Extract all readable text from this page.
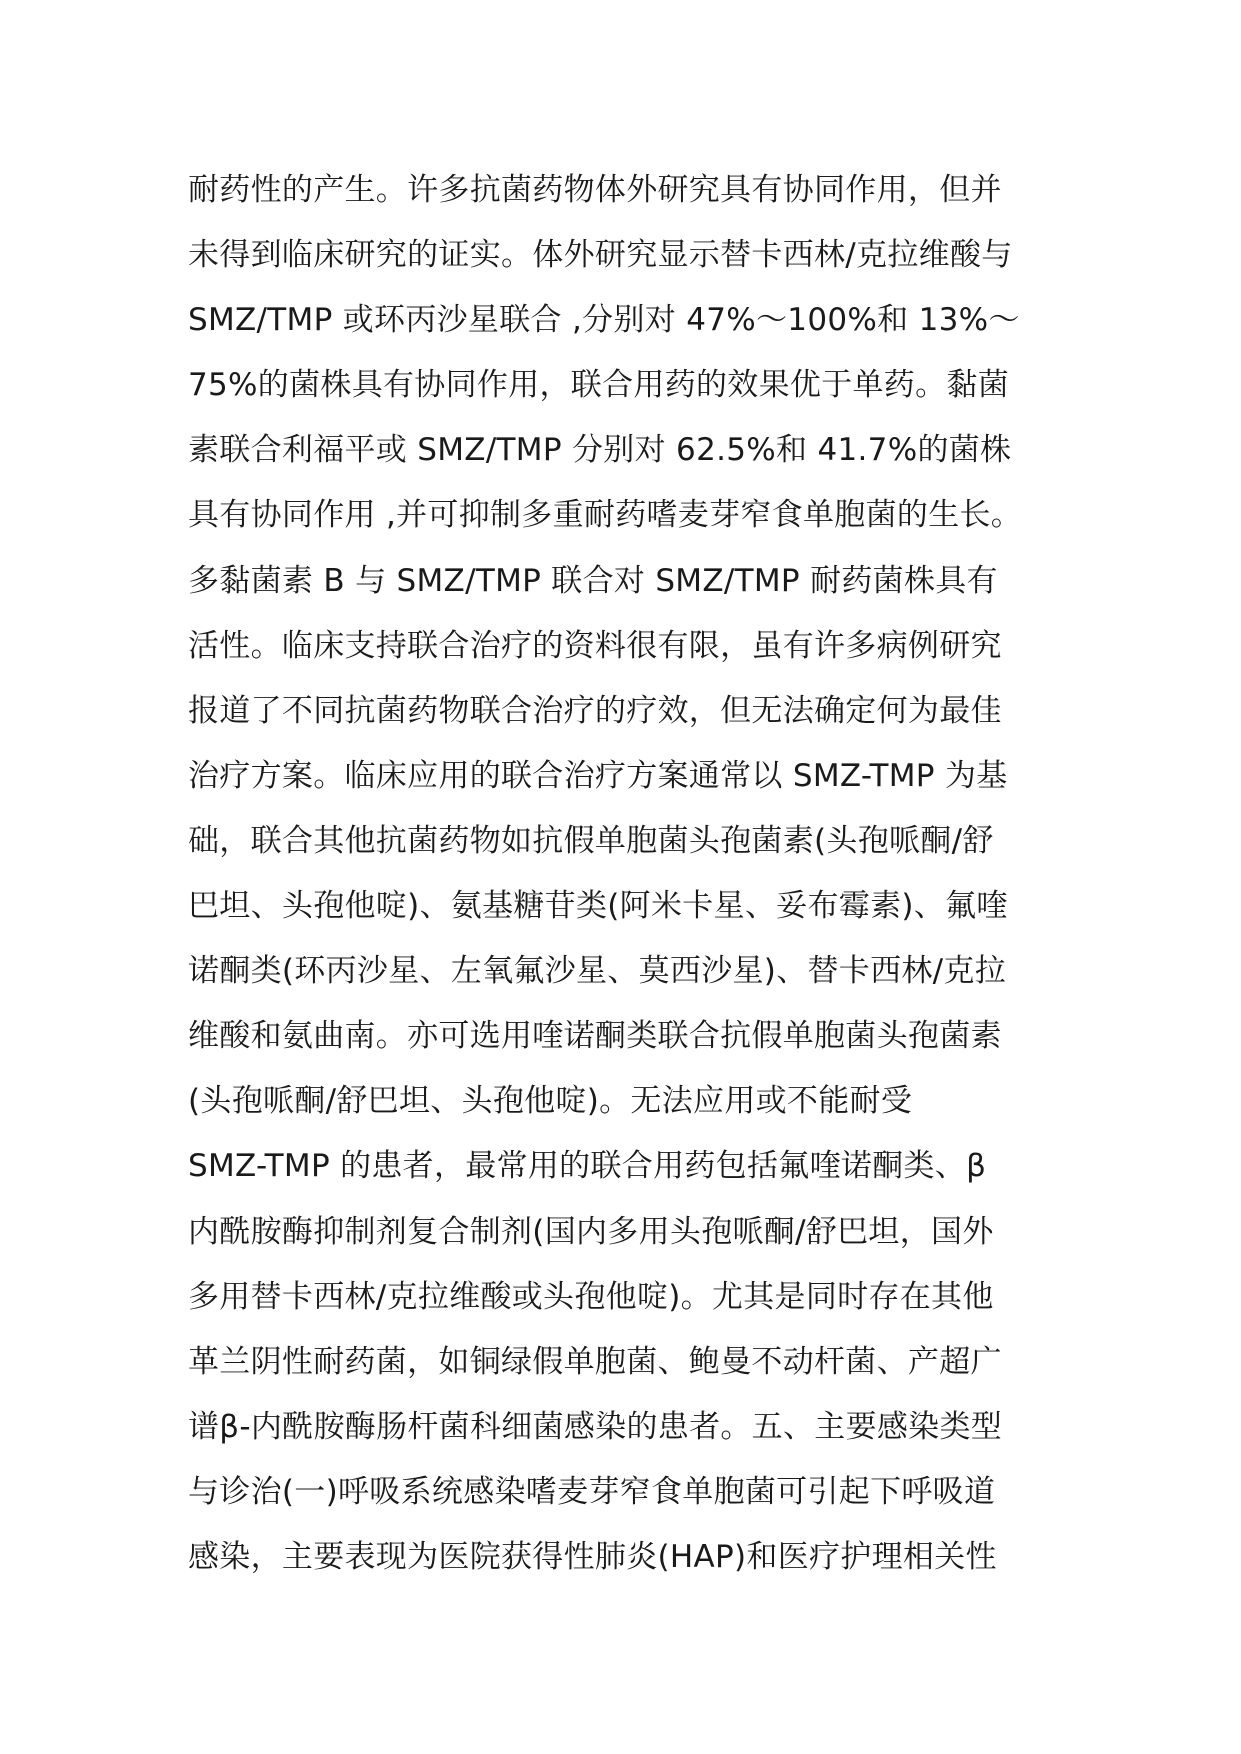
耐药性的产生。许多抗菌药物体外研究具有协同作用，但并
未得到临床研究的证实。体外研究显示替卡西林/克拉维酸与
SMZ/TMP 或环丙沙星联合 ,分别对 47%～100%和 13%～
75%的菌株具有协同作用，联合用药的效果优于单药。黏菌
素联合利福平或 SMZ/TMP 分别对 62.5%和 41.7%的菌株
具有协同作用 ,并可抑制多重耐药嗜麦芽窄食单胞菌的生长。
多黏菌素 B 与 SMZ/TMP 联合对 SMZ/TMP 耐药菌株具有
活性。临床支持联合治疗的资料很有限，虽有许多病例研究
报道了不同抗菌药物联合治疗的疗效，但无法确定何为最佳
治疗方案。临床应用的联合治疗方案通常以 SMZ-TMP 为基
础，联合其他抗菌药物如抗假单胞菌头孢菌素(头孢哌酮/舒
巴坦、头孢他啶)、氨基糖苷类(阿米卡星、妥布霉素)、氟喹
诺酮类(环丙沙星、左氧氟沙星、莫西沙星)、替卡西林/克拉
维酸和氨曲南。亦可选用喹诺酮类联合抗假单胞菌头孢菌素
(头孢哌酮/舒巴坦、头孢他啶)。无法应用或不能耐受
SMZ-TMP 的患者，最常用的联合用药包括氟喹诺酮类、β
内酰胺酶抑制剂复合制剂(国内多用头孢哌酮/舒巴坦，国外
多用替卡西林/克拉维酸或头孢他啶)。尤其是同时存在其他
革兰阴性耐药菌，如铜绿假单胞菌、鲍曼不动杆菌、产超广
谱β-内酰胺酶肠杆菌科细菌感染的患者。五、主要感染类型
与诊治(一)呼吸系统感染嗜麦芽窄食单胞菌可引起下呼吸道
感染，主要表现为医院获得性肺炎(HAP)和医疗护理相关性
